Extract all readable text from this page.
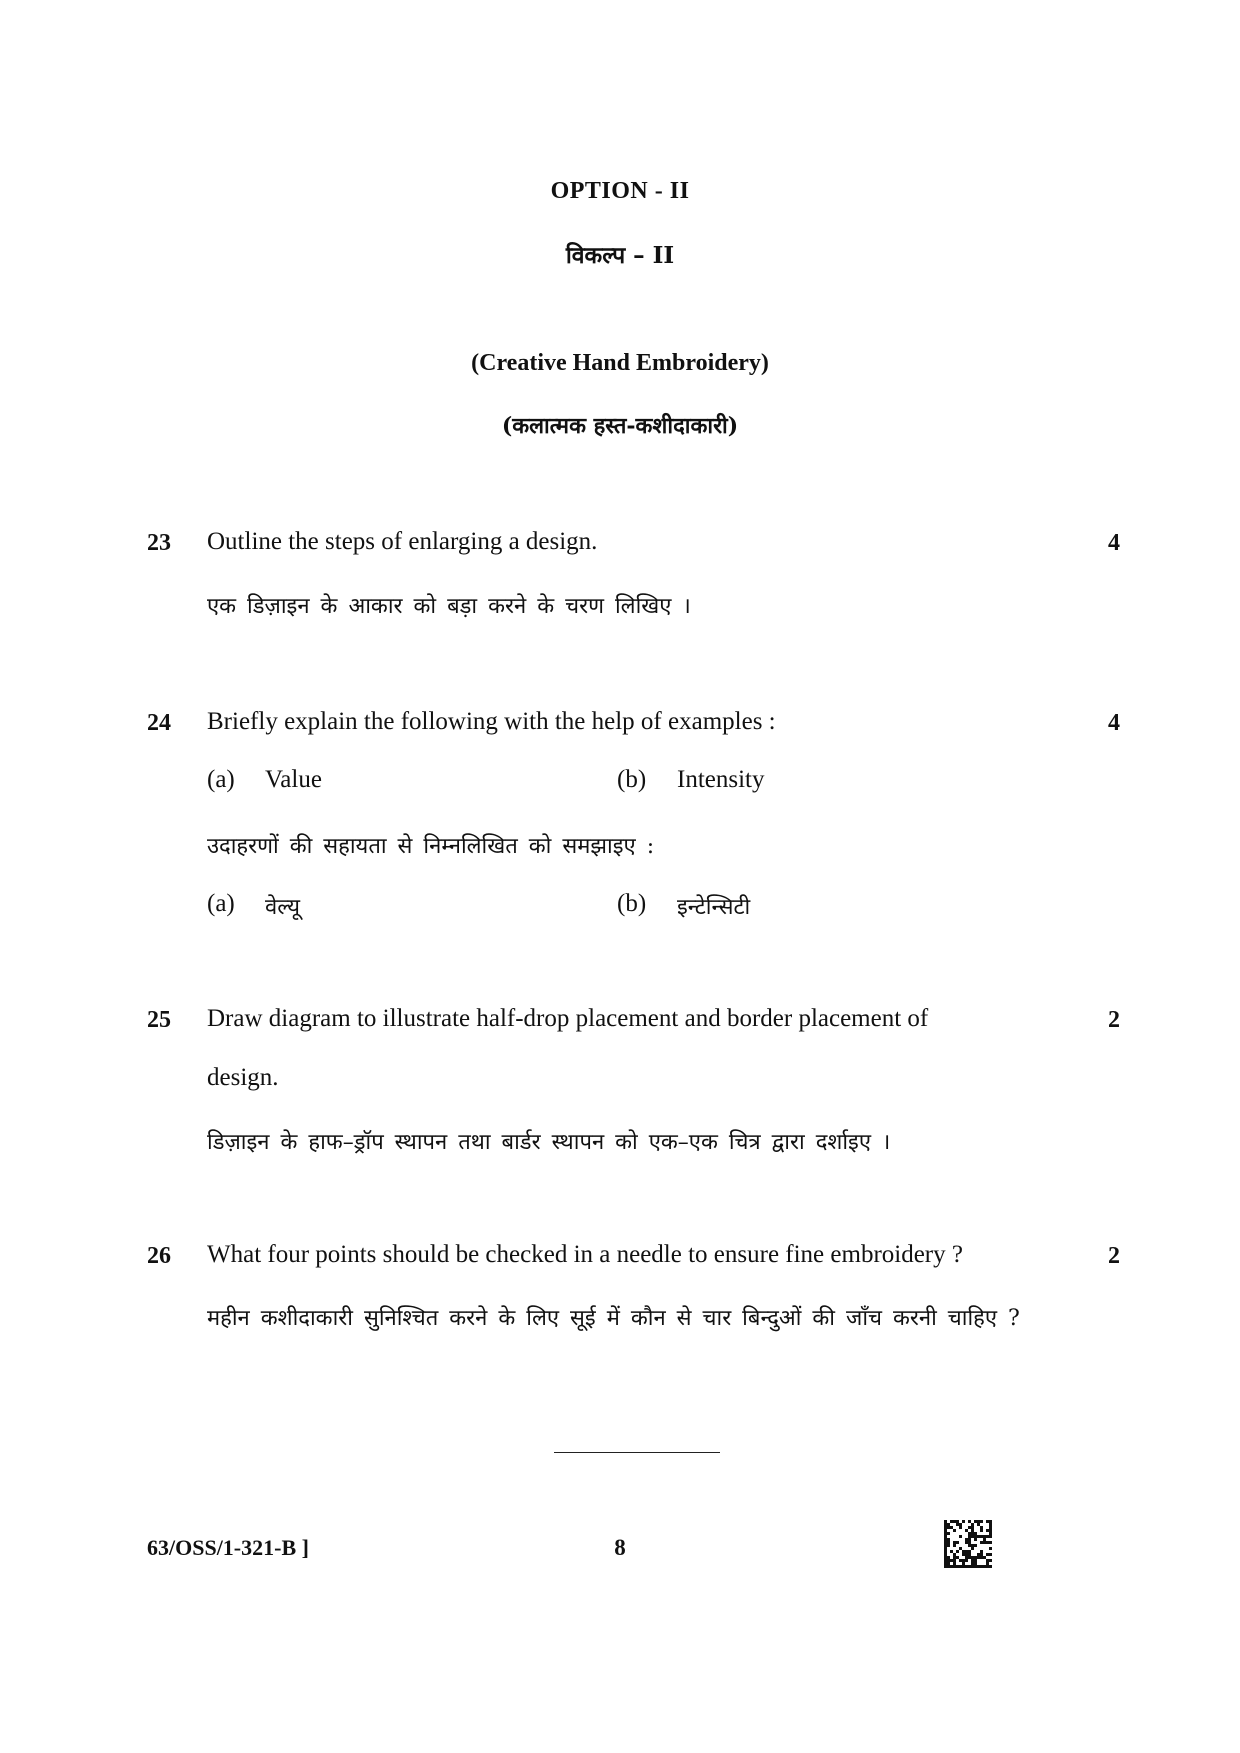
OPTION - II
विकल्प – II
(Creative Hand Embroidery)
(कलात्मक हस्त-कशीदाकारी)
23 Outline the steps of enlarging a design.	4
एक डिज़ाइन के आकार को बड़ा करने के चरण लिखिए ।
24 Briefly explain the following with the help of examples :	4
(a) Value	(b) Intensity
उदाहरणों की सहायता से निम्नलिखित को समझाइए :
(a) वेल्यू	(b) इन्टेन्सिटी
25 Draw diagram to illustrate half-drop placement and border placement of	2
design.
डिज़ाइन के हाफ–ड्रॉप स्थापन तथा बार्डर स्थापन को एक–एक चित्र द्वारा दर्शाइए ।
26 What four points should be checked in a needle to ensure fine embroidery ?	2
महीन कशीदाकारी सुनिश्चित करने के लिए सूई में कौन से चार बिन्दुओं की जाँच करनी चाहिए ?
63/OSS/1-321-B ]	8
